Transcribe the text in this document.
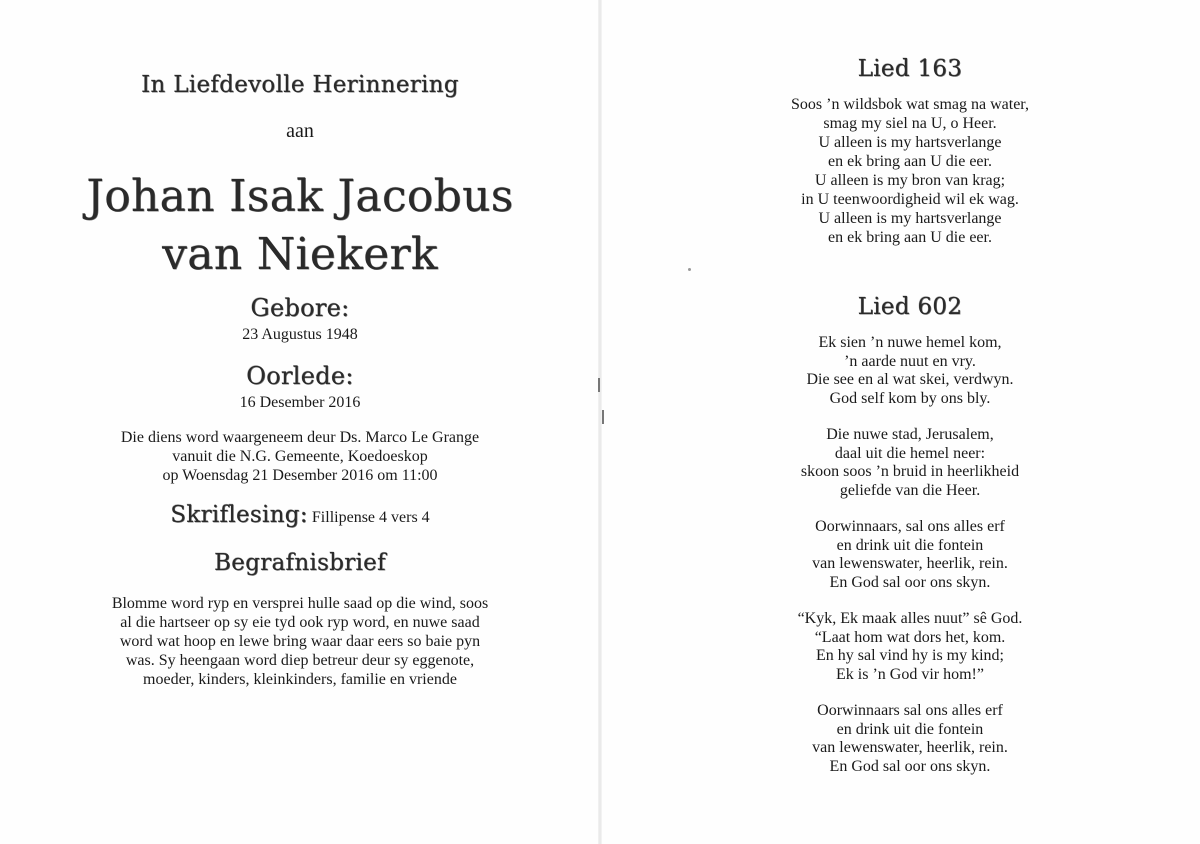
In Liefdevolle Herinnering
aan
Johan Isak Jacobus
van Niekerk
Gebore:
23 Augustus 1948
Oorlede:
16 Desember 2016
Die diens word waargeneem deur Ds. Marco Le Grange
vanuit die N.G. Gemeente, Koedoeskop
op Woensdag 21 Desember 2016 om 11:00
Skriflesing: Fillipense 4 vers 4
Begrafnisbrief
Blomme word ryp en versprei hulle saad op die wind, soos
al die hartseer op sy eie tyd ook ryp word, en nuwe saad
word wat hoop en lewe bring waar daar eers so baie pyn
was. Sy heengaan word diep betreur deur sy eggenote,
moeder, kinders, kleinkinders, familie en vriende
Lied 163
Soos ’n wildsbok wat smag na water,
smag my siel na U, o Heer.
U alleen is my hartsverlange
en ek bring aan U die eer.
U alleen is my bron van krag;
in U teenwoordigheid wil ek wag.
U alleen is my hartsverlange
en ek bring aan U die eer.
Lied 602
Ek sien ’n nuwe hemel kom,
’n aarde nuut en vry.
Die see en al wat skei, verdwyn.
God self kom by ons bly.
Die nuwe stad, Jerusalem,
daal uit die hemel neer:
skoon soos ’n bruid in heerlikheid
geliefde van die Heer.
Oorwinnaars, sal ons alles erf
en drink uit die fontein
van lewenswater, heerlik, rein.
En God sal oor ons skyn.
“Kyk, Ek maak alles nuut” sê God.
“Laat hom wat dors het, kom.
En hy sal vind hy is my kind;
Ek is ’n God vir hom!”
Oorwinnaars sal ons alles erf
en drink uit die fontein
van lewenswater, heerlik, rein.
En God sal oor ons skyn.
